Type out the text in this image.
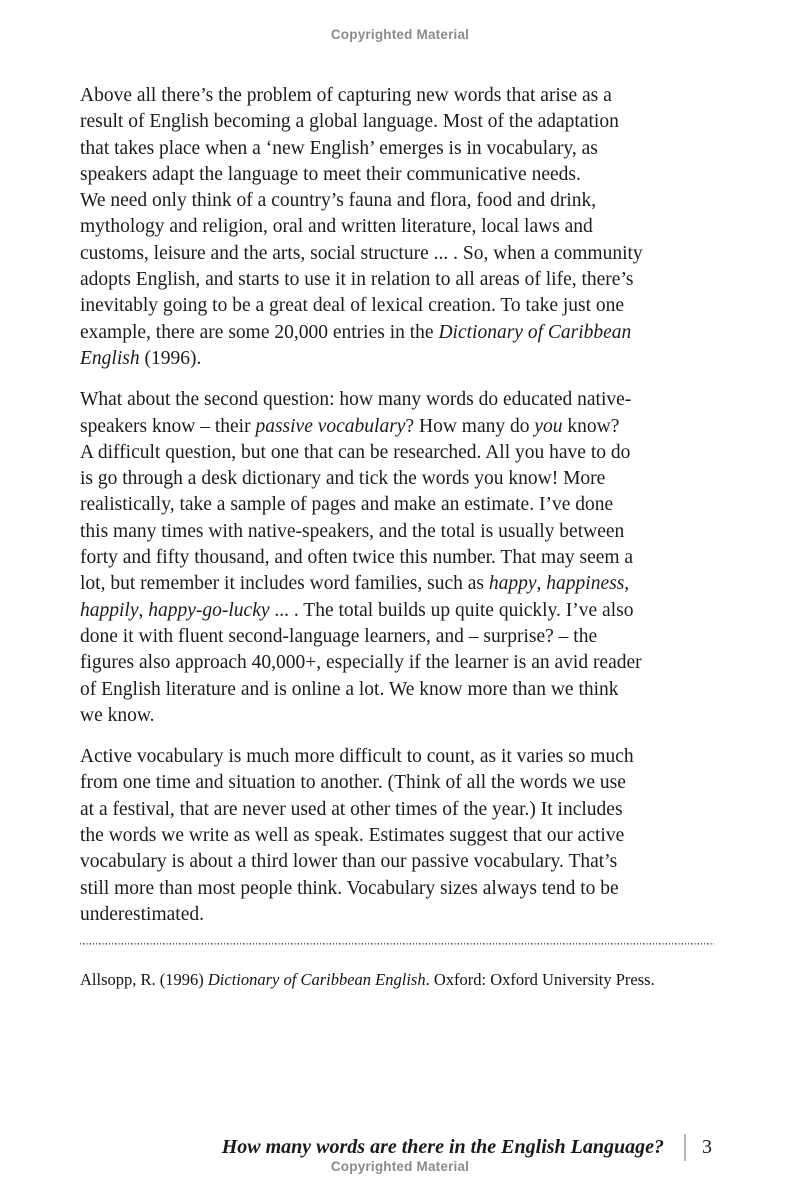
Copyrighted Material
Above all there’s the problem of capturing new words that arise as a
result of English becoming a global language. Most of the adaptation
that takes place when a ‘new English’ emerges is in vocabulary, as
speakers adapt the language to meet their communicative needs.
We need only think of a country’s fauna and flora, food and drink,
mythology and religion, oral and written literature, local laws and
customs, leisure and the arts, social structure ... . So, when a community
adopts English, and starts to use it in relation to all areas of life, there’s
inevitably going to be a great deal of lexical creation. To take just one
example, there are some 20,000 entries in the Dictionary of Caribbean
English (1996).
What about the second question: how many words do educated native-
speakers know – their passive vocabulary? How many do you know?
A difficult question, but one that can be researched. All you have to do
is go through a desk dictionary and tick the words you know! More
realistically, take a sample of pages and make an estimate. I’ve done
this many times with native-speakers, and the total is usually between
forty and fifty thousand, and often twice this number. That may seem a
lot, but remember it includes word families, such as happy, happiness,
happily, happy-go-lucky ... . The total builds up quite quickly. I’ve also
done it with fluent second-language learners, and – surprise? – the
figures also approach 40,000+, especially if the learner is an avid reader
of English literature and is online a lot. We know more than we think
we know.
Active vocabulary is much more difficult to count, as it varies so much
from one time and situation to another. (Think of all the words we use
at a festival, that are never used at other times of the year.) It includes
the words we write as well as speak. Estimates suggest that our active
vocabulary is about a third lower than our passive vocabulary. That’s
still more than most people think. Vocabulary sizes always tend to be
underestimated.

Allsopp, R. (1996) Dictionary of Caribbean English. Oxford: Oxford University Press.

How many words are there in the English Language? 3
Copyrighted Material
